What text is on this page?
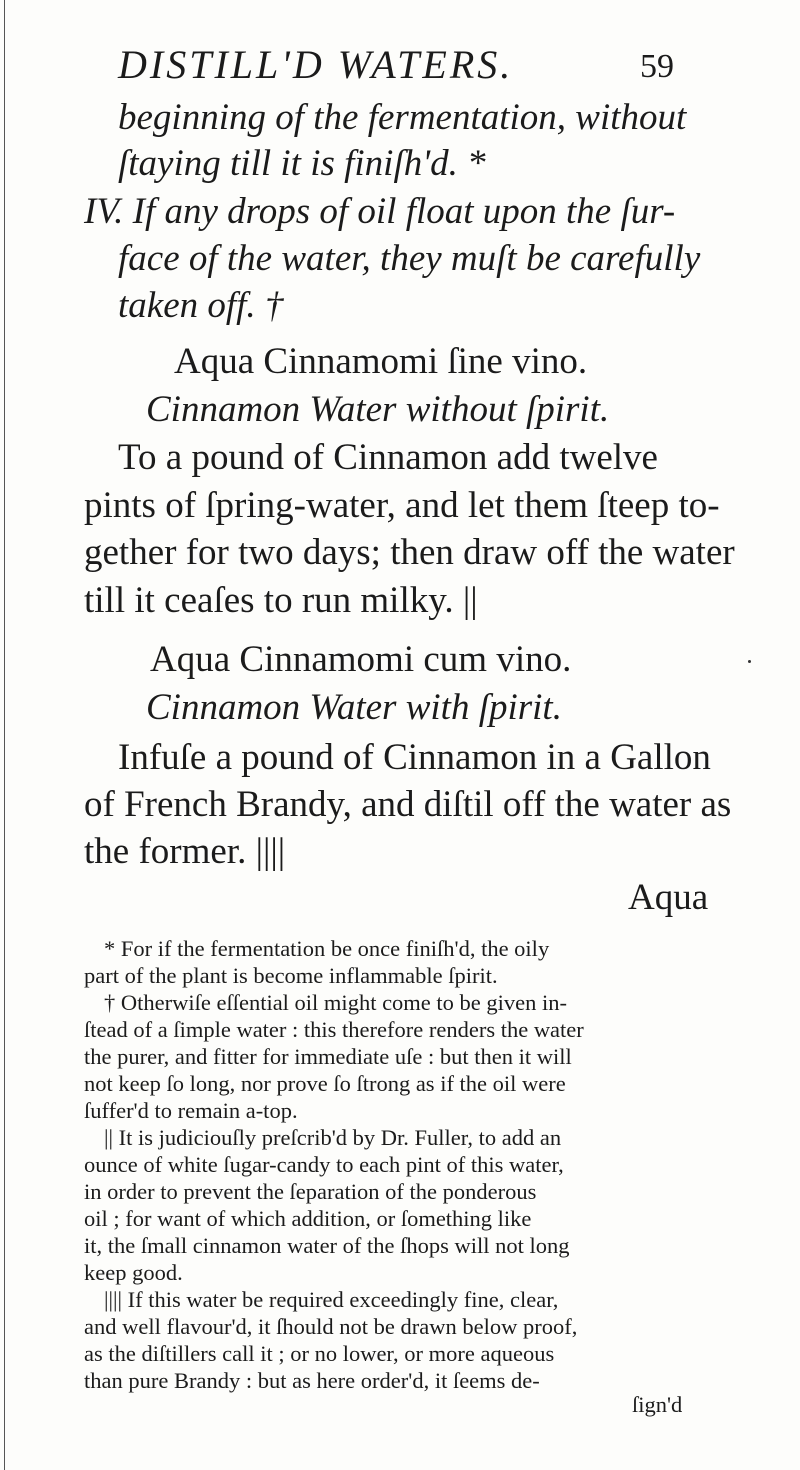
DISTILL'D WATERS.	59
beginning of the fermentation, without
ſtaying till it is finiſh'd. *
IV. If any drops of oil float upon the ſur-
face of the water, they muſt be carefully
taken off. †
Aqua Cinnamomi ſine vino.
Cinnamon Water without ſpirit.
To a pound of Cinnamon add twelve
pints of ſpring-water, and let them ſteep to-
gether for two days; then draw off the water
till it ceaſes to run milky. ||
Aqua Cinnamomi cum vino.
Cinnamon Water with ſpirit.
Infuſe a pound of Cinnamon in a Gallon
of French Brandy, and diſtil off the water as
the former. ||||
Aqua
* For if the fermentation be once finiſh'd, the oily
part of the plant is become inflammable ſpirit.
† Otherwiſe eſſential oil might come to be given in-
ſtead of a ſimple water : this therefore renders the water
the purer, and fitter for immediate uſe : but then it will
not keep ſo long, nor prove ſo ſtrong as if the oil were
ſuffer'd to remain a-top.
|| It is judiciouſly preſcrib'd by Dr. Fuller, to add an
ounce of white ſugar-candy to each pint of this water,
in order to prevent the ſeparation of the ponderous
oil ; for want of which addition, or ſomething like
it, the ſmall cinnamon water of the ſhops will not long
keep good.
|||| If this water be required exceedingly fine, clear,
and well flavour'd, it ſhould not be drawn below proof,
as the diſtillers call it ; or no lower, or more aqueous
than pure Brandy : but as here order'd, it ſeems de-
ſign'd
